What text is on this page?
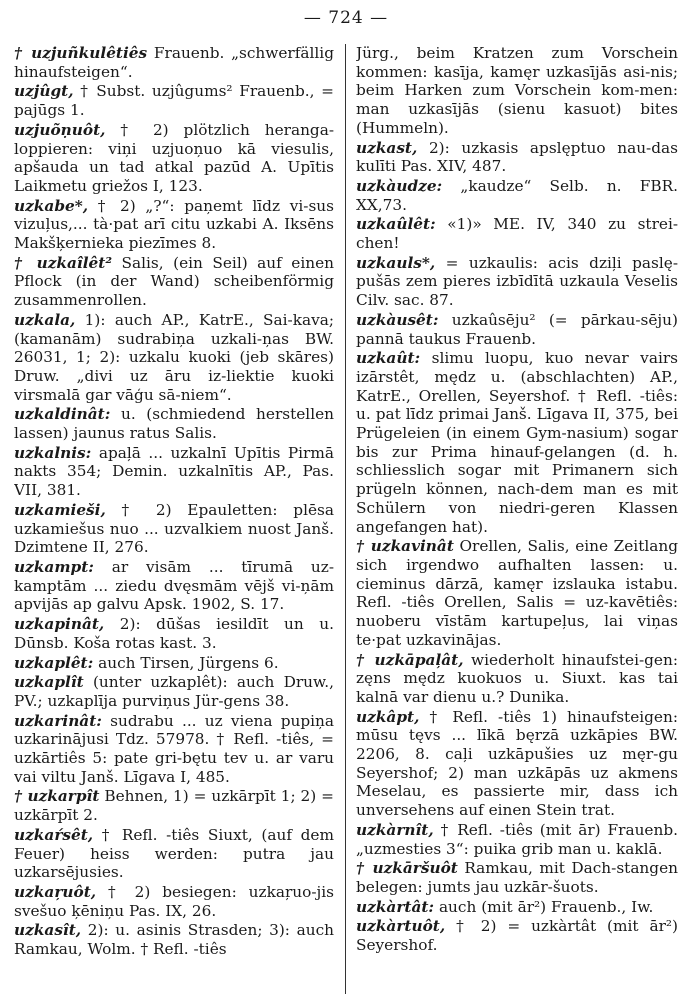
— 724 —

† uzjuñkulêtiês Frauenb. „schwerfällig hinaufsteigen“.

uzjûgt, † Subst. uzjûgums² Frauenb., = pajūgs 1.

uzjuõṇuôt, † 2) plötzlich heranga-loppieren: viņi uzjuoņuo kā viesulis, apšauda un tad atkal pazūd A. Upītis Laikmetu griežos I, 123.

uzkabe*, † 2) „?“: paņemt līdz vi-sus vizuļus,... tà·pat arī citu uzkabi A. Iksēns Makšķernieka piezīmes 8.

† uzkaîlêt² Salis, (ein Seil) auf einen Pflock (in der Wand) scheibenförmig zusammenrollen.

uzkala, 1): auch AP., KatrE., Sai-kava; (kamanām) sudrabiņa uzkali-ņas BW. 26031, 1; 2): uzkalu kuoki (jeb skāres) Druw. „divi uz āru iz-liektie kuoki virsmalā gar vāģu sā-niem“.

uzkaldinât: u. (schmiedend herstellen lassen) jaunus ratus Salis.

uzkalnis: apaļā ... uzkalnī Upītis Pirmā nakts 354; Demin. uzkalnītis AP., Pas. VII, 381.

uzkamieši, † 2) Epauletten: plēsa uzkamiešus nuo ... uzvalkiem nuost Janš. Dzimtene II, 276.

uzkampt: ar visām ... tīrumā uz-kamptām ... ziedu dvęsmām vējš vi-ņām apvijās ap galvu Apsk. 1902, S. 17.

uzkapinât, 2): dūšas iesildīt un u. Dūnsb. Koša rotas kast. 3.

uzkaplêt: auch Tirsen, Jürgens 6.

uzkaplît (unter uzkaplêt): auch Druw., PV.; uzkaplīja purviņus Jür-gens 38.

uzkarinât: sudrabu ... uz viena pupiņa uzkarinājusi Tdz. 57978. † Refl. -tiês, = uzkārtiês 5: pate gri-bętu tev u. ar varu vai viltu Janš. Līgava I, 485.

† uzkarpît Behnen, 1) = uzkārpīt 1; 2) = uzkārpīt 2.

uzkaŕsêt, † Refl. -tiês Siuxt, (auf dem Feuer) heiss werden: putra jau uzkarsējusies.

uzkaŗuôt, † 2) besiegen: uzkaŗuo-jis svešuo ķēniņu Pas. IX, 26.

uzkasît, 2): u. asinis Strasden; 3): auch Ramkau, Wolm. † Refl. -tiês

Jürg., beim Kratzen zum Vorschein kommen: kasīja, kamęr uzkasījās asi-nis; beim Harken zum Vorschein kom-men: man uzkasījās (sienu kasuot) bites (Hummeln).

uzkast, 2): uzkasis apslęptuo nau-das kulīti Pas. XIV, 487.

uzkàudze: „kaudze“ Selb. n. FBR. XX,73.

uzkaûlêt: «1)» ME. IV, 340 zu strei-chen!

uzkauls*, = uzkaulis: acis dziļi paslę-pušās zem pieres izbīdītā uzkaula Veselis Cilv. sac. 87.

uzkàusêt: uzkaûsēju² (= pārkau-sēju) pannā taukus Frauenb.

uzkaût: slimu luopu, kuo nevar vairs izārstêt, mędz u. (abschlachten) AP., KatrE., Orellen, Seyershof. † Refl. -tiês: u. pat līdz primai Janš. Līgava II, 375, bei Prügeleien (in einem Gym-nasium) sogar bis zur Prima hinauf-gelangen (d. h. schliesslich sogar mit Primanern sich prügeln können, nach-dem man es mit Schülern von niedri-geren Klassen angefangen hat).

† uzkavinât Orellen, Salis, eine Zeitlang sich irgendwo aufhalten lassen: u. cieminus dārzā, kamęr izslauka istabu. Refl. -tiês Orellen, Salis = uz-kavētiês: nuoberu vīstām kartupeļus, lai viņas te·pat uzkavinājas.

† uzkāpaļât, wiederholt hinaufstei-gen: zęns mędz kuokuos u. Siuxt. kas tai kalnā var dienu u.? Dunika.

uzkâpt, † Refl. -tiês 1) hinaufsteigen: mūsu tęvs ... līkā bęrzā uzkāpies BW. 2206, 8. caļi uzkāpušies uz męr-gu Seyershof; 2) man uzkāpās uz akmens Meselau, es passierte mir, dass ich unversehens auf einen Stein trat.

uzkàrnît, † Refl. -tiês (mit ār) Frauenb. „uzmesties 3“: puika grib man u. kaklā.

† uzkāršuôt Ramkau, mit Dach-stangen belegen: jumts jau uzkār-šuots.

uzkàrtât: auch (mit ār²) Frauenb., Iw.

uzkàrtuôt, † 2) = uzkàrtât (mit ār²) Seyershof.
